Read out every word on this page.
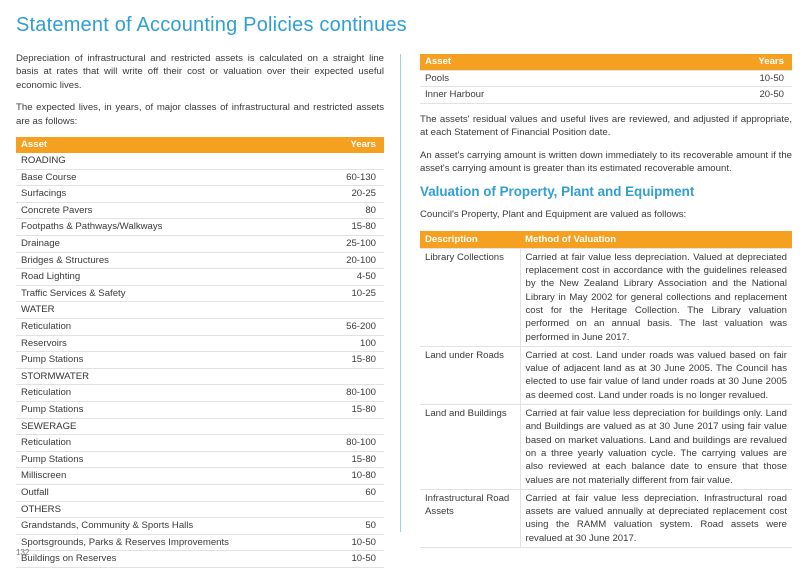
Statement of Accounting Policies continues

Depreciation of infrastructural and restricted assets is calculated on a straight line basis at rates that will write off their cost or valuation over their expected useful economic lives.

The expected lives, in years, of major classes of infrastructural and restricted assets are as follows:

Asset	Years
ROADING	
Base Course	60-130
Surfacings	20-25
Concrete Pavers	80
Footpaths & Pathways/Walkways	15-80
Drainage	25-100
Bridges & Structures	20-100
Road Lighting	4-50
Traffic Services & Safety	10-25
WATER	
Reticulation	56-200
Reservoirs	100
Pump Stations	15-80
STORMWATER	
Reticulation	80-100
Pump Stations	15-80
SEWERAGE	
Reticulation	80-100
Pump Stations	15-80
Milliscreen	10-80
Outfall	60
OTHERS	
Grandstands, Community & Sports Halls	50
Sportsgrounds, Parks & Reserves Improvements	10-50
Buildings on Reserves	10-50
Asset	Years
Pools	10-50
Inner Harbour	20-50

The assets' residual values and useful lives are reviewed, and adjusted if appropriate, at each Statement of Financial Position date.

An asset's carrying amount is written down immediately to its recoverable amount if the asset's carrying amount is greater than its estimated recoverable amount.

Valuation of Property, Plant and Equipment

Council's Property, Plant and Equipment are valued as follows:

Description	Method of Valuation
Library Collections	Carried at fair value less depreciation. Valued at depreciated replacement cost in accordance with the guidelines released by the New Zealand Library Association and the National Library in May 2002 for general collections and replacement cost for the Heritage Collection. The Library valuation performed on an annual basis. The last valuation was performed in June 2017.
Land under Roads	Carried at cost. Land under roads was valued based on fair value of adjacent land as at 30 June 2005. The Council has elected to use fair value of land under roads at 30 June 2005 as deemed cost. Land under roads is no longer revalued.
Land and Buildings	Carried at fair value less depreciation for buildings only. Land and Buildings are valued as at 30 June 2017 using fair value based on market valuations. Land and buildings are revalued on a three yearly valuation cycle. The carrying values are also reviewed at each balance date to ensure that those values are not materially different from fair value.
Infrastructural Road Assets	Carried at fair value less depreciation. Infrastructural road assets are valued annually at depreciated replacement cost using the RAMM valuation system. Road assets were revalued at 30 June 2017.
132
